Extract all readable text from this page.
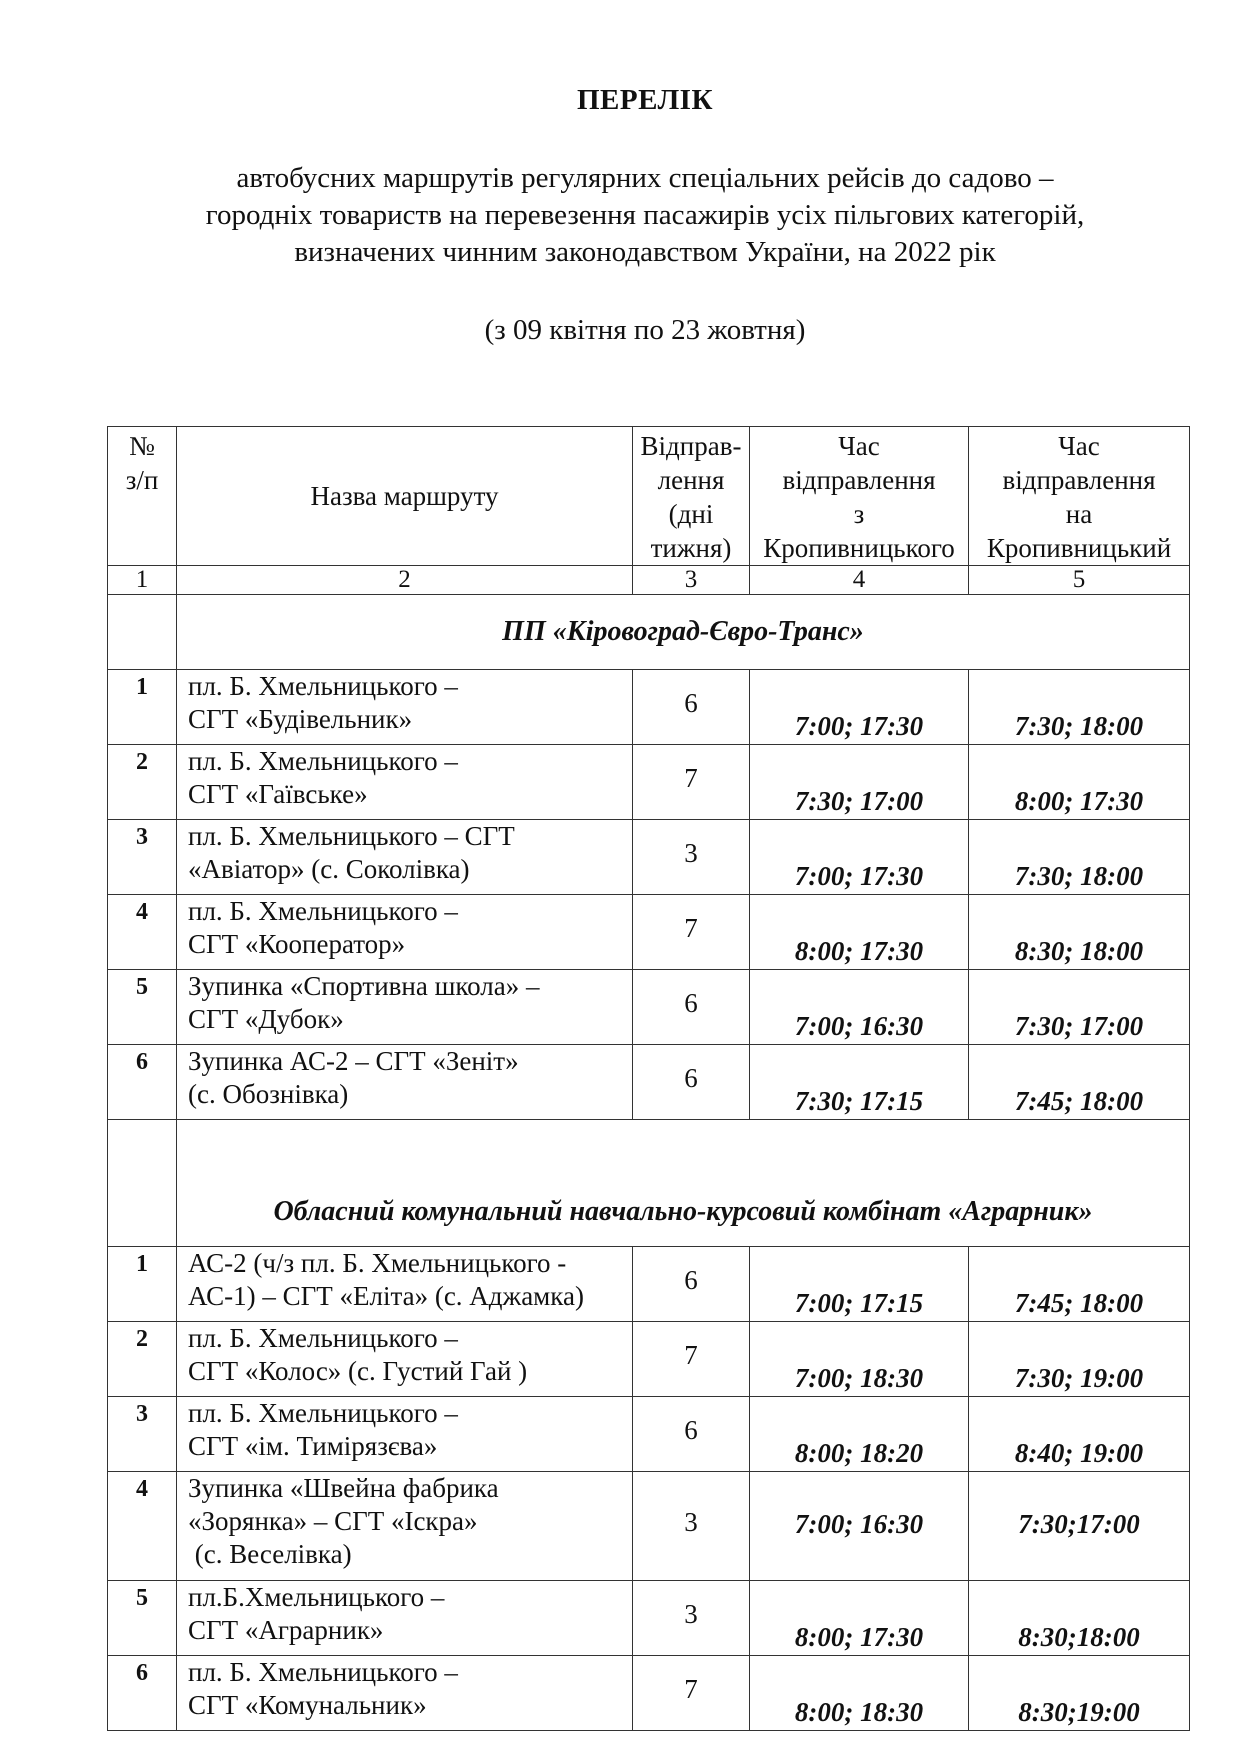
ПЕРЕЛІК
автобусних маршрутів регулярних спеціальних рейсів до садово –
городніх товариств на перевезення пасажирів усіх пільгових категорій,
визначених чинним законодавством України, на 2022 рік
(з 09 квітня по 23 жовтня)
№
з/п
	Назва маршруту	
Відправ-
лення
(дні
тижня)

Час
відправлення
з
Кропивницького

Час
відправлення
на
Кропивницький

1	2	3	4	5
	ПП «Кіровоград-Євро-Транс»			
1	пл. Б. Хмельницького –
СГТ «Будівельник»	6	7:00; 17:30	7:30; 18:00
2	пл. Б. Хмельницького –
СГТ «Гаївське»	7	7:30; 17:00	8:00; 17:30
3	пл. Б. Хмельницького – СГТ
«Авіатор» (с. Соколівка)	3	7:00; 17:30	7:30; 18:00
4	пл. Б. Хмельницького –
СГТ «Кооператор»	7	8:00; 17:30	8:30; 18:00
5	Зупинка «Спортивна школа» –
СГТ «Дубок»	6	7:00; 16:30	7:30; 17:00
6	Зупинка АС-2 – СГТ «Зеніт»
(с. Обознівка)	6	7:30; 17:15	7:45; 18:00
	Обласний комунальний навчально-курсовий комбінат «Аграрник»			
1	АС-2 (ч/з пл. Б. Хмельницького -
АС-1) – СГТ «Еліта» (с. Аджамка)	6	7:00; 17:15	7:45; 18:00
2	пл. Б. Хмельницького –
СГТ «Колос» (с. Густий Гай )	7	7:00; 18:30	7:30; 19:00
3	пл. Б. Хмельницького –
СГТ «ім. Тимірязєва»	6	8:00; 18:20	8:40; 19:00
4	Зупинка «Швейна фабрика
«Зорянка» – СГТ «Іскра»
(с. Веселівка)	3	7:00; 16:30	7:30;17:00
5	пл.Б.Хмельницького –
СГТ «Аграрник»	3	8:00; 17:30	8:30;18:00
6	пл. Б. Хмельницького –
СГТ «Комунальник»	7	8:00; 18:30	8:30;19:00
